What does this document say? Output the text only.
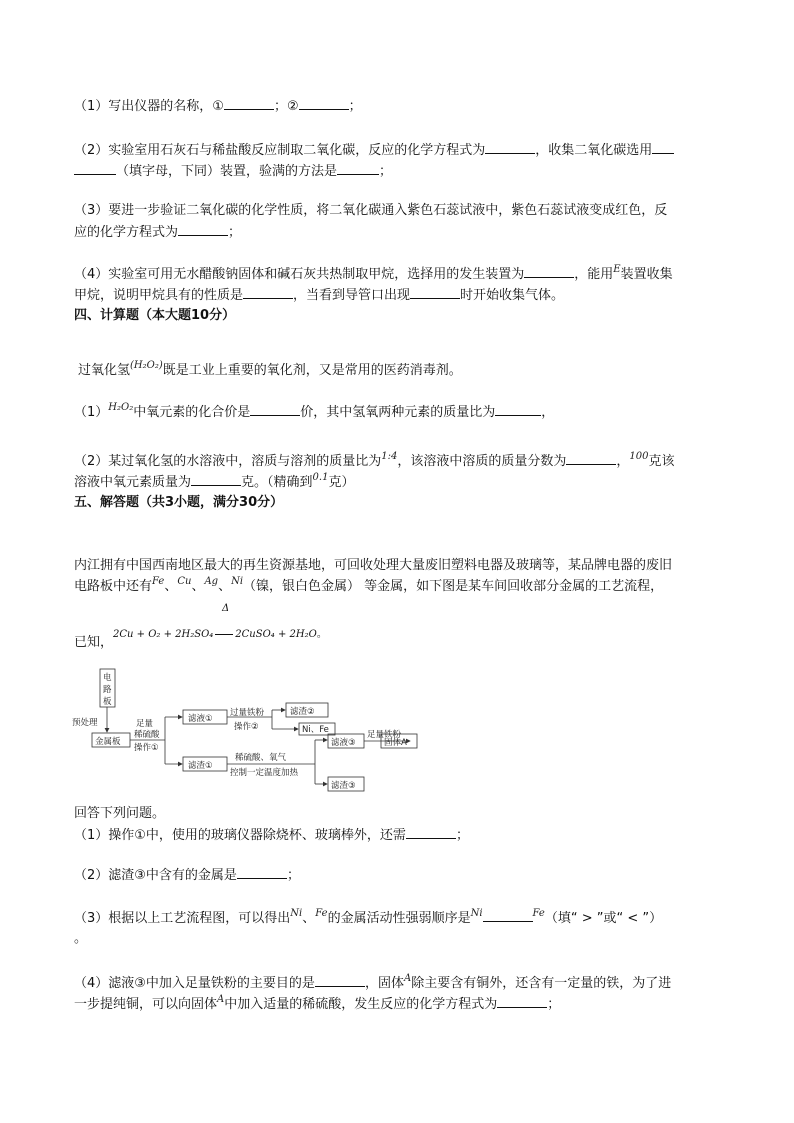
（1）写出仪器的名称，①	；②	；
（2）实验室用石灰石与稀盐酸反应制取二氧化碳，反应的化学方程式为	，收集二氧化碳选用
（填字母，下同）装置，验满的方法是	；
（3）要进一步验证二氧化碳的化学性质，将二氧化碳通入紫色石蕊试液中，紫色石蕊试液变成红色，反
应的化学方程式为	；
（4）实验室可用无水醋酸钠固体和碱石灰共热制取甲烷，选择用的发生装置为	，能用$^E$装置收集
甲烷，说明甲烷具有的性质是	，当看到导管口出现	时开始收集气体。
四、计算题（本大题10分）
过氧化氢$^{(H_2O_2)}$既是工业上重要的氧化剂，又是常用的医药消毒剂。
$(1)^{H_2O_2}$中氧元素的化合价是	价，其中氢氧两种元素的质量比为	，
（2）某过氧化氢的水溶液中，溶质与溶剂的质量比为$^{1:4}$，该溶液中溶质的质量分数为	，$^{100}$克该
溶液中氧元素质量为	克。（精确到$^{0.1}$克）
五、解答题（共3小题，满分30分）
内江拥有中国西南地区最大的再生资源基地，可回收处理大量废旧塑料电器及玻璃等，某品牌电器的废旧
电路板中还有$^{Fe}$、$^{Cu}$、$^{Ag}$、$^{Ni}$（镍，银白色金属） 等金属，如下图是某车间回收部分金属的工艺流程，
Δ
已知，
2Cu + O₂ + 2H₂SO₄ 2CuSO₄ + 2H₂O。
电
路
板
预处理
金属板
足量
稀硫酸
操作①
滤液①
滤渣①
过量铁粉
操作②
滤渣②
Ni、Fe
稀硫酸、氧气
控制一定温度加热
滤液③
足量铁粉
固体A
滤渣③
回答下列问题。
（1）操作①中，使用的玻璃仪器除烧杯、玻璃棒外，还需	；
（2）滤渣③中含有的金属是	；
（3）根据以上工艺流程图，可以得出$^{Ni}$、$^{Fe}$的金属活动性强弱顺序是$^{Ni}$	$^{Fe}$（填“ > ”或“ < ”）
。
（4）滤液③中加入足量铁粉的主要目的是	，固体$^A$除主要含有铜外，还含有一定量的铁，为了进
一步提纯铜，可以向固体$^A$中加入适量的稀硫酸，发生反应的化学方程式为	；
